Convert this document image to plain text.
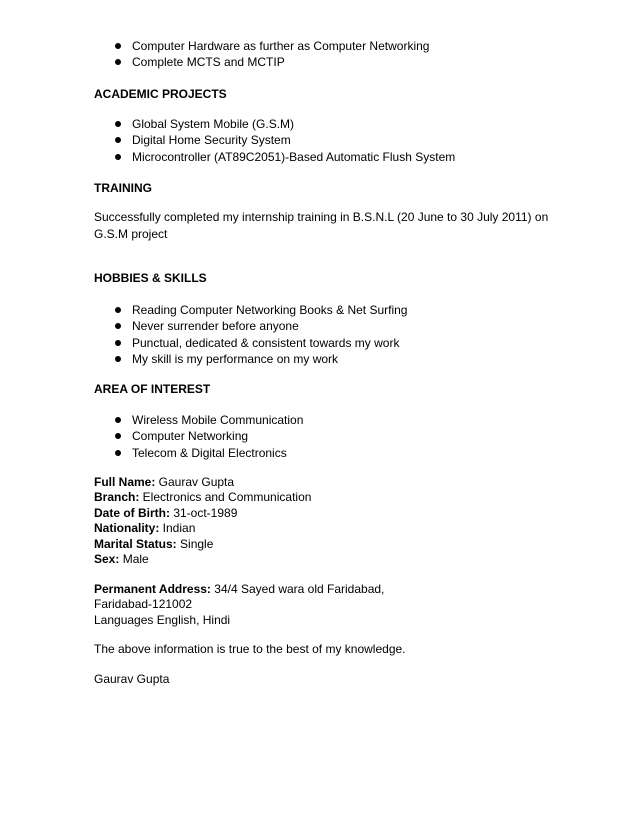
Computer Hardware as further as Computer Networking
Complete MCTS and MCTIP
ACADEMIC PROJECTS
Global System Mobile (G.S.M)
Digital Home Security System
Microcontroller (AT89C2051)-Based Automatic Flush System
TRAINING
Successfully completed my internship training in B.S.N.L (20 June to 30 July 2011) on
G.S.M project
HOBBIES & SKILLS
Reading Computer Networking Books & Net Surfing
Never surrender before anyone
Punctual, dedicated & consistent towards my work
My skill is my performance on my work
AREA OF INTEREST
Wireless Mobile Communication
Computer Networking
Telecom & Digital Electronics
Full Name: Gaurav Gupta
Branch: Electronics and Communication
Date of Birth: 31-oct-1989
Nationality: Indian
Marital Status: Single
Sex: Male
Permanent Address: 34/4 Sayed wara old Faridabad,
Faridabad-121002
Languages English, Hindi
The above information is true to the best of my knowledge.
Gaurav Gupta
